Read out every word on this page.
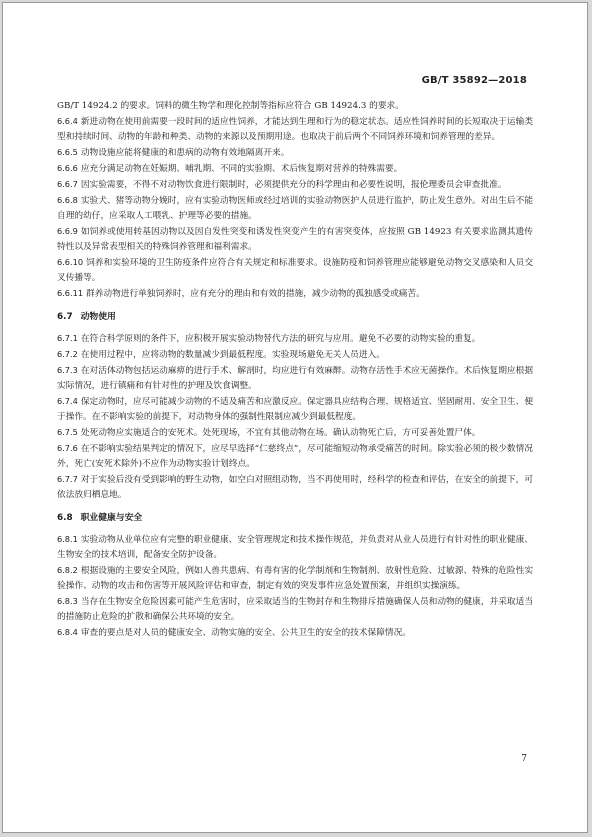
GB/T 35892—2018

GB/T 14924.2 的要求。饲料的微生物学和理化控制等指标应符合 GB 14924.3 的要求。

6.6.4 新进动物在使用前需要一段时间的适应性饲养，才能达到生理和行为的稳定状态。适应性饲养时间的长短取决于运输类型和持续时间、动物的年龄和种类、动物的来源以及预期用途。也取决于前后两个不同饲养环境和饲养管理的差异。

6.6.5 动物设施应能将健康的和患病的动物有效地隔离开来。

6.6.6 应充分满足动物在妊娠期、哺乳期、不同的实验期、术后恢复期对营养的特殊需要。

6.6.7 因实验需要，不得不对动物饮食进行限制时，必须提供充分的科学理由和必要性说明，报伦理委员会审查批准。

6.6.8 实验犬、猪等动物分娩时，应有实验动物医师或经过培训的实验动物医护人员进行监护，防止发生意外。对出生后不能自理的幼仔，应采取人工喂乳、护理等必要的措施。

6.6.9 如饲养或使用转基因动物以及因自发性突变和诱发性突变产生的有害突变体，应按照 GB 14923 有关要求监测其遗传特性以及异常表型相关的特殊饲养管理和福利需求。

6.6.10 饲养和实验环境的卫生防疫条件应符合有关规定和标准要求。设施防疫和饲养管理应能够避免动物交叉感染和人员交叉传播等。

6.6.11 群养动物进行单独饲养时，应有充分的理由和有效的措施，减少动物的孤独感受或痛苦。

6.7 动物使用

6.7.1 在符合科学原则的条件下，应积极开展实验动物替代方法的研究与应用。避免不必要的动物实验的重复。

6.7.2 在使用过程中，应将动物的数量减少到最低程度。实验现场避免无关人员进入。

6.7.3 在对活体动物包括运动麻痹的进行手术、解剖时，均应进行有效麻醉。动物存活性手术应无菌操作。术后恢复期应根据实际情况，进行镇痛和有针对性的护理及饮食调整。

6.7.4 保定动物时，应尽可能减少动物的不适及痛苦和应激反应。保定器具应结构合理、规格适宜、坚固耐用、安全卫生、便于操作。在不影响实验的前提下，对动物身体的强制性限制应减少到最低程度。

6.7.5 处死动物应实施适合的安死术。处死现场，不宜有其他动物在场。确认动物死亡后，方可妥善处置尸体。

6.7.6 在不影响实验结果判定的情况下，应尽早选择“仁慈终点”，尽可能缩短动物承受痛苦的时间。除实验必须的极少数情况外，死亡(安死术除外)不应作为动物实验计划终点。

6.7.7 对于实验后没有受到影响的野生动物，如空白对照组动物，当不再使用时，经科学的检查和评估，在安全的前提下，可依法放归栖息地。

6.8 职业健康与安全

6.8.1 实验动物从业单位应有完整的职业健康、安全管理规定和技术操作规范，并负责对从业人员进行有针对性的职业健康、生物安全的技术培训，配备安全防护设备。

6.8.2 根据设施的主要安全风险，例如人兽共患病、有毒有害的化学制剂和生物制剂、放射性危险、过敏源、特殊的危险性实验操作、动物的攻击和伤害等开展风险评估和审查，制定有效的突发事件应急处置预案，并组织实操演练。

6.8.3 当存在生物安全危险因素可能产生危害时，应采取适当的生物封存和生物排斥措施确保人员和动物的健康，并采取适当的措施防止危险的扩散和确保公共环境的安全。

6.8.4 审查的要点是对人员的健康安全、动物实施的安全、公共卫生的安全的技术保障情况。

7
